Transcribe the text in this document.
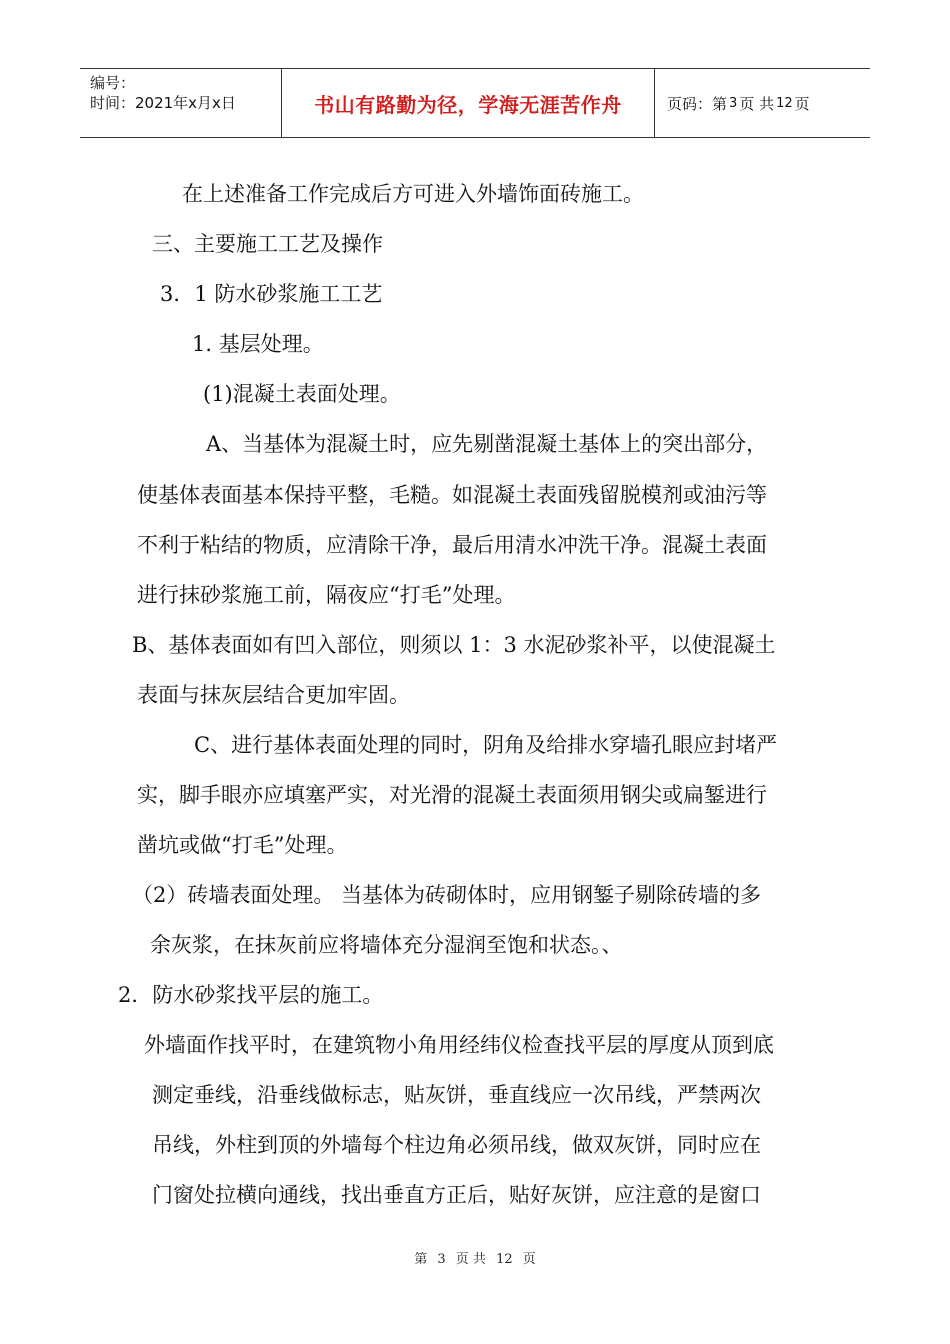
编号：
时间：2021年x月x日	书山有路勤为径，学海无涯苦作舟	页码：第 3 页 共 12 页
在上述准备工作完成后方可进入外墙饰面砖施工。
三、主要施工工艺及操作
3．1 防水砂浆施工工艺
1. 基层处理。
(1)混凝土表面处理。
A、当基体为混凝土时，应先剔凿混凝土基体上的突出部分，
使基体表面基本保持平整，毛糙。如混凝土表面残留脱模剂或油污等
不利于粘结的物质，应清除干净，最后用清水冲洗干净。混凝土表面
进行抹砂浆施工前，隔夜应“打毛”处理。
B、基体表面如有凹入部位，则须以 1：3 水泥砂浆补平，以使混凝土
表面与抹灰层结合更加牢固。
C、进行基体表面处理的同时，阴角及给排水穿墙孔眼应封堵严
实，脚手眼亦应填塞严实，对光滑的混凝土表面须用钢尖或扁錾进行
凿坑或做“打毛”处理。
（2）砖墙表面处理。 当基体为砖砌体时，应用钢錾子剔除砖墙的多
余灰浆，在抹灰前应将墙体充分湿润至饱和状态。、
2．防水砂浆找平层的施工。
外墙面作找平时，在建筑物小角用经纬仪检查找平层的厚度从顶到底
测定垂线，沿垂线做标志，贴灰饼，垂直线应一次吊线，严禁两次
吊线，外柱到顶的外墙每个柱边角必须吊线，做双灰饼，同时应在
门窗处拉横向通线，找出垂直方正后，贴好灰饼，应注意的是窗口
第 3 页 共 12 页
